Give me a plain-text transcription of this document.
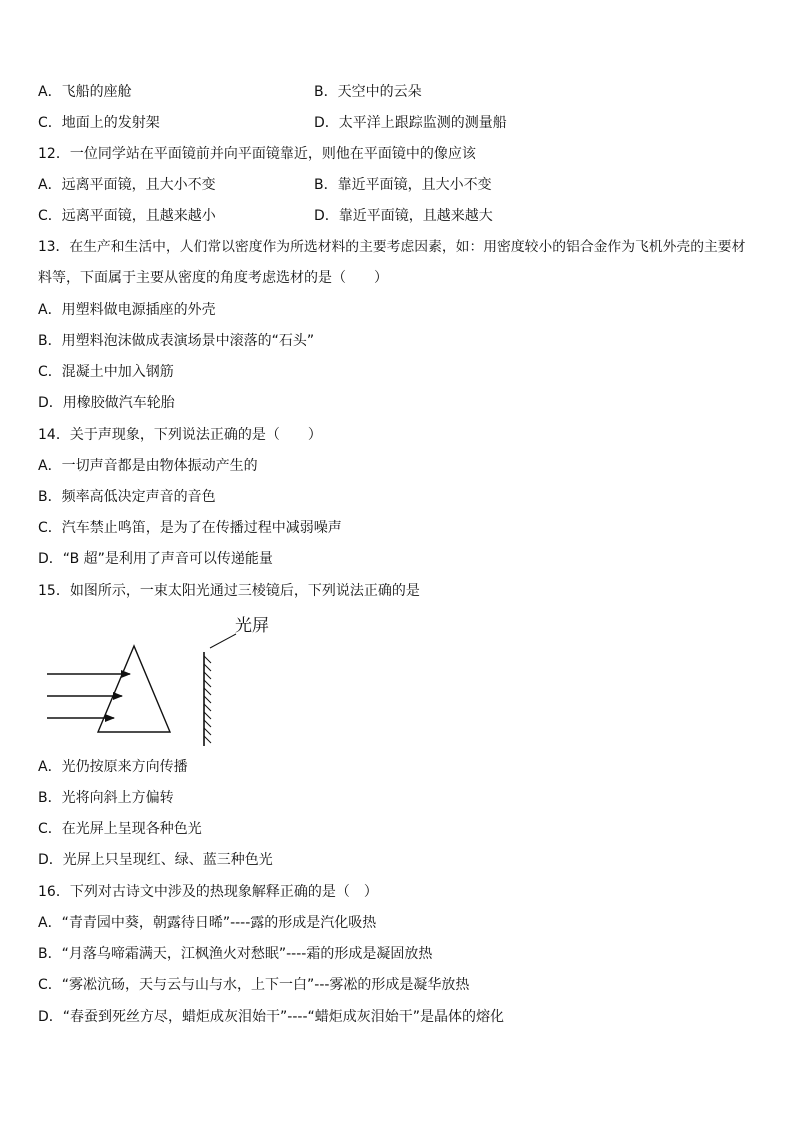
A．飞船的座舱	B．天空中的云朵
C．地面上的发射架	D．太平洋上跟踪监测的测量船
12．一位同学站在平面镜前并向平面镜靠近，则他在平面镜中的像应该
A．远离平面镜，且大小不变	B．靠近平面镜，且大小不变
C．远离平面镜，且越来越小	D．靠近平面镜，且越来越大
13．在生产和生活中，人们常以密度作为所选材料的主要考虑因素，如：用密度较小的铝合金作为飞机外壳的主要材
料等，下面属于主要从密度的角度考虑选材的是（　　）
A．用塑料做电源插座的外壳
B．用塑料泡沫做成表演场景中滚落的“石头”
C．混凝土中加入钢筋
D．用橡胶做汽车轮胎
14．关于声现象，下列说法正确的是（　　）
A．一切声音都是由物体振动产生的
B．频率高低决定声音的音色
C．汽车禁止鸣笛，是为了在传播过程中减弱噪声
D．“B 超”是利用了声音可以传递能量
15．如图所示，一束太阳光通过三棱镜后，下列说法正确的是
光屏
A．光仍按原来方向传播
B．光将向斜上方偏转
C．在光屏上呈现各种色光
D．光屏上只呈现红、绿、蓝三种色光
16．下列对古诗文中涉及的热现象解释正确的是（　）
A．“青青园中葵，朝露待日晞”----露的形成是汽化吸热
B．“月落乌啼霜满天，江枫渔火对愁眠”----霜的形成是凝固放热
C．“雾凇沆砀，天与云与山与水，上下一白”---雾凇的形成是凝华放热
D．“春蚕到死丝方尽，蜡炬成灰泪始干”----“蜡炬成灰泪始干”是晶体的熔化
